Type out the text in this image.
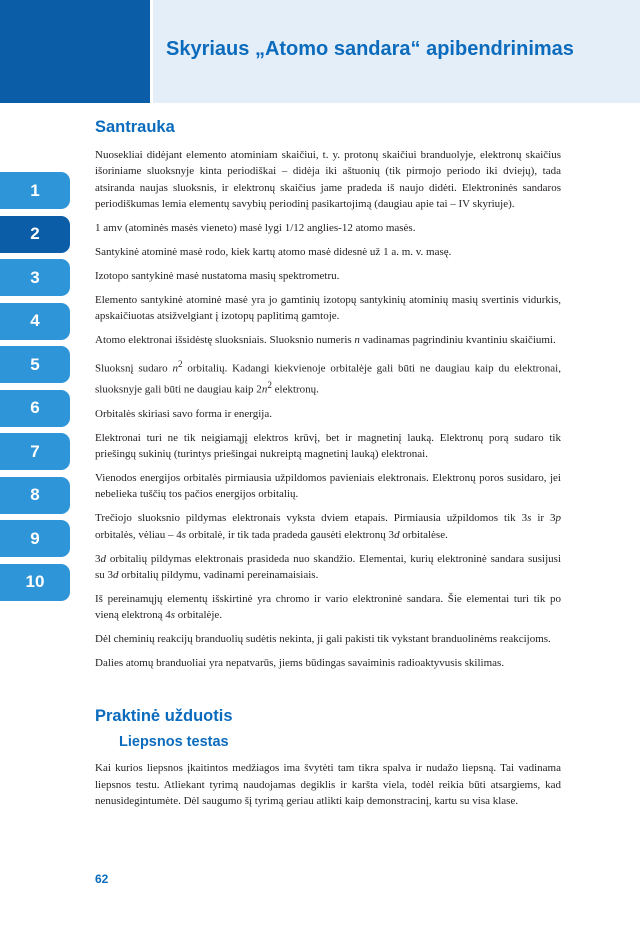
Skyriaus „Atomo sandara“ apibendrinimas
1
2
3
4
5
6
7
8
9
10
Santrauka

Nuosekliai didėjant elemento atominiam skaičiui, t. y. protonų skaičiui branduolyje, elektronų skaičius išoriniame sluoksnyje kinta periodiškai – didėja iki aštuonių (tik pirmojo periodo iki dviejų), tada atsiranda naujas sluoksnis, ir elektronų skaičius jame pradeda iš naujo didėti. Elektroninės sandaros periodiškumas lemia elementų savybių periodinį pasikartojimą (daugiau apie tai – IV skyriuje).

1 amv (atominės masės vieneto) masė lygi 1/12 anglies-12 atomo masės.

Santykinė atominė masė rodo, kiek kartų atomo masė didesnė už 1 a. m. v. masę.

Izotopo santykinė masė nustatoma masių spektrometru.

Elemento santykinė atominė masė yra jo gamtinių izotopų santykinių atominių masių svertinis vidurkis, apskaičiuotas atsižvelgiant į izotopų paplitimą gamtoje.

Atomo elektronai išsidėstę sluoksniais. Sluoksnio numeris n vadinamas pagrindiniu kvantiniu skaičiumi.

Sluoksnį sudaro $n^2$ orbitalių. Kadangi kiekvienoje orbitalėje gali būti ne daugiau kaip du elektronai, sluoksnyje gali būti ne daugiau kaip $2n^2$ elektronų.

Orbitalės skiriasi savo forma ir energija.

Elektronai turi ne tik neigiamąjį elektros krūvį, bet ir magnetinį lauką. Elektronų porą sudaro tik priešingų sukinių (turintys priešingai nukreiptą magnetinį lauką) elektronai.

Vienodos energijos orbitalės pirmiausia užpildomos pavieniais elektronais. Elektronų poros susidaro, jei nebelieka tuščių tos pačios energijos orbitalių.

Trečiojo sluoksnio pildymas elektronais vyksta dviem etapais. Pirmiausia užpildomos tik 3s ir 3p orbitalės, vėliau – 4s orbitalė, ir tik tada pradeda gausėti elektronų 3d orbitalėse.

3d orbitalių pildymas elektronais prasideda nuo skandžio. Elementai, kurių elektroninė sandara susijusi su 3d orbitalių pildymu, vadinami pereinamaisiais.

Iš pereinamųjų elementų išskirtinė yra chromo ir vario elektroninė sandara. Šie elementai turi tik po vieną elektroną 4s orbitalėje.

Dėl cheminių reakcijų branduolių sudėtis nekinta, ji gali pakisti tik vykstant branduolinėms reakcijoms.

Dalies atomų branduoliai yra nepatvarūs, jiems būdingas savaiminis radioaktyvusis skilimas.

Praktinė užduotis
Liepsnos testas

Kai kurios liepsnos įkaitintos medžiagos ima švytėti tam tikra spalva ir nudažo liepsną. Tai vadinama liepsnos testu. Atliekant tyrimą naudojamas degiklis ir karšta viela, todėl reikia būti atsargiems, kad nenusidegintumėte. Dėl saugumo šį tyrimą geriau atlikti kaip demonstracinį, kartu su visa klase.

62
